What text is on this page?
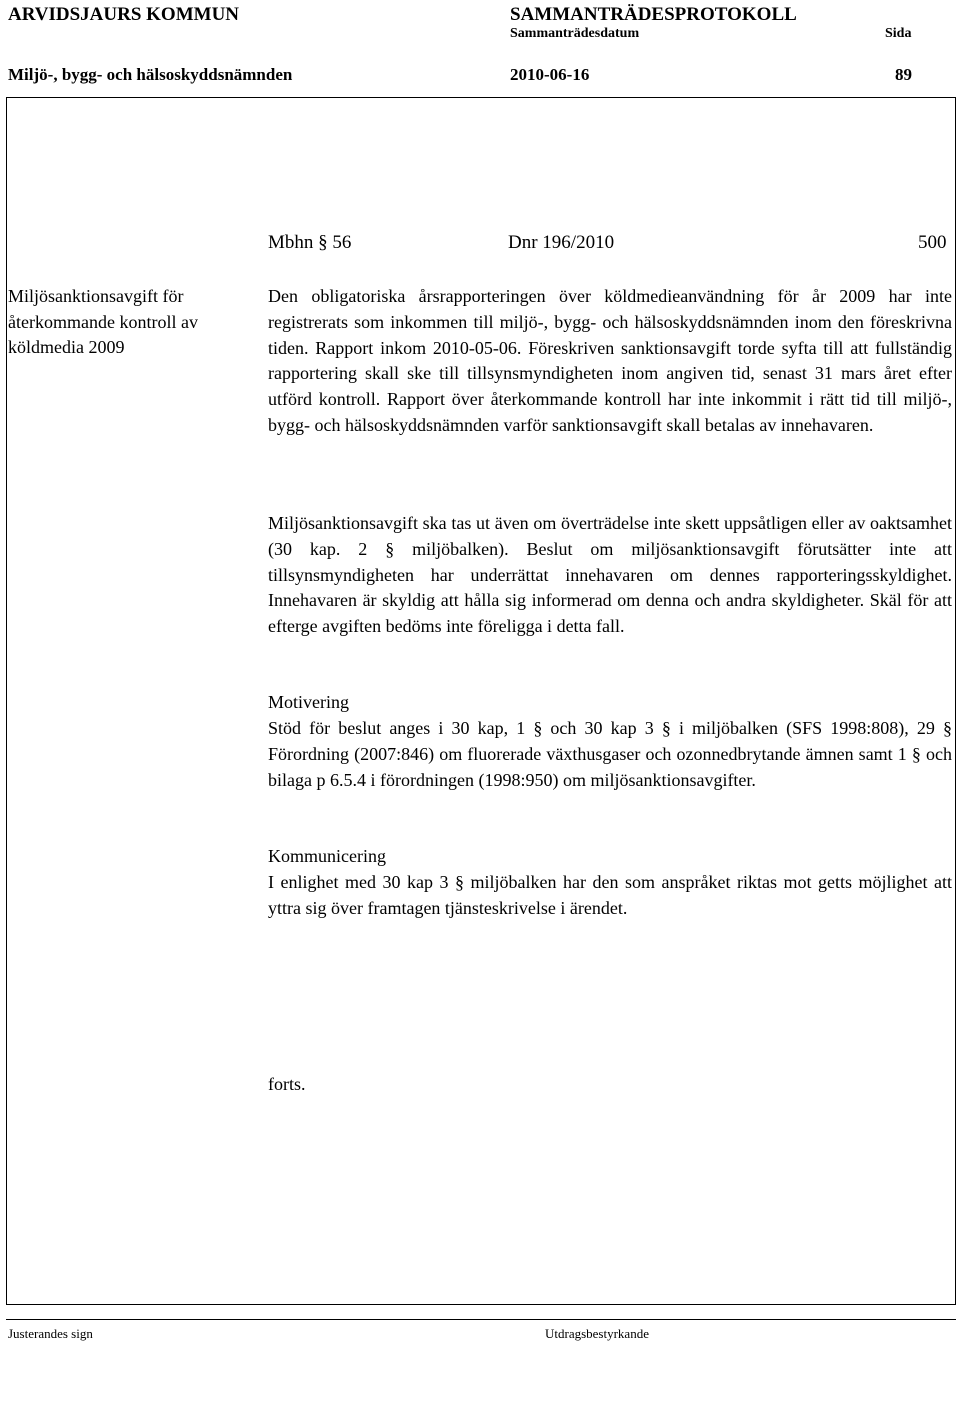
ARVIDSJAURS KOMMUN	SAMMANTRÄDESPROTOKOLL
Sammanträdesdatum	Sida
Miljö-, bygg- och hälsoskyddsnämnden	2010-06-16	89
Mbhn § 56	Dnr 196/2010	500
Miljösanktionsavgift för återkommande kontroll av köldmedia 2009
Den obligatoriska årsrapporteringen över köldmedieanvändning för år 2009 har inte registrerats som inkommen till miljö-, bygg- och hälsoskyddsnämnden inom den föreskrivna tiden. Rapport inkom 2010-05-06. Föreskriven sanktionsavgift torde syfta till att fullständig rapportering skall ske till tillsynsmyndigheten inom angiven tid, senast 31 mars året efter utförd kontroll. Rapport över återkommande kontroll har inte inkommit i rätt tid till miljö-, bygg- och hälsoskyddsnämnden varför sanktionsavgift skall betalas av innehavaren.
Miljösanktionsavgift ska tas ut även om överträdelse inte skett uppsåtligen eller av oaktsamhet (30 kap. 2 § miljöbalken). Beslut om miljösanktionsavgift förutsätter inte att tillsynsmyndigheten har underrättat innehavaren om dennes rapporteringsskyldighet. Innehavaren är skyldig att hålla sig informerad om denna och andra skyldigheter. Skäl för att efterge avgiften bedöms inte föreligga i detta fall.
Motivering
Stöd för beslut anges i 30 kap, 1 § och 30 kap 3 § i miljöbalken (SFS 1998:808), 29 § Förordning (2007:846) om fluorerade växthusgaser och ozonnedbrytande ämnen samt 1 § och bilaga p 6.5.4 i förordningen (1998:950) om miljösanktionsavgifter.
Kommunicering
I enlighet med 30 kap 3 § miljöbalken har den som anspråket riktas mot getts möjlighet att yttra sig över framtagen tjänsteskrivelse i ärendet.
forts.
Justerandes sign	Utdragsbestyrkande
